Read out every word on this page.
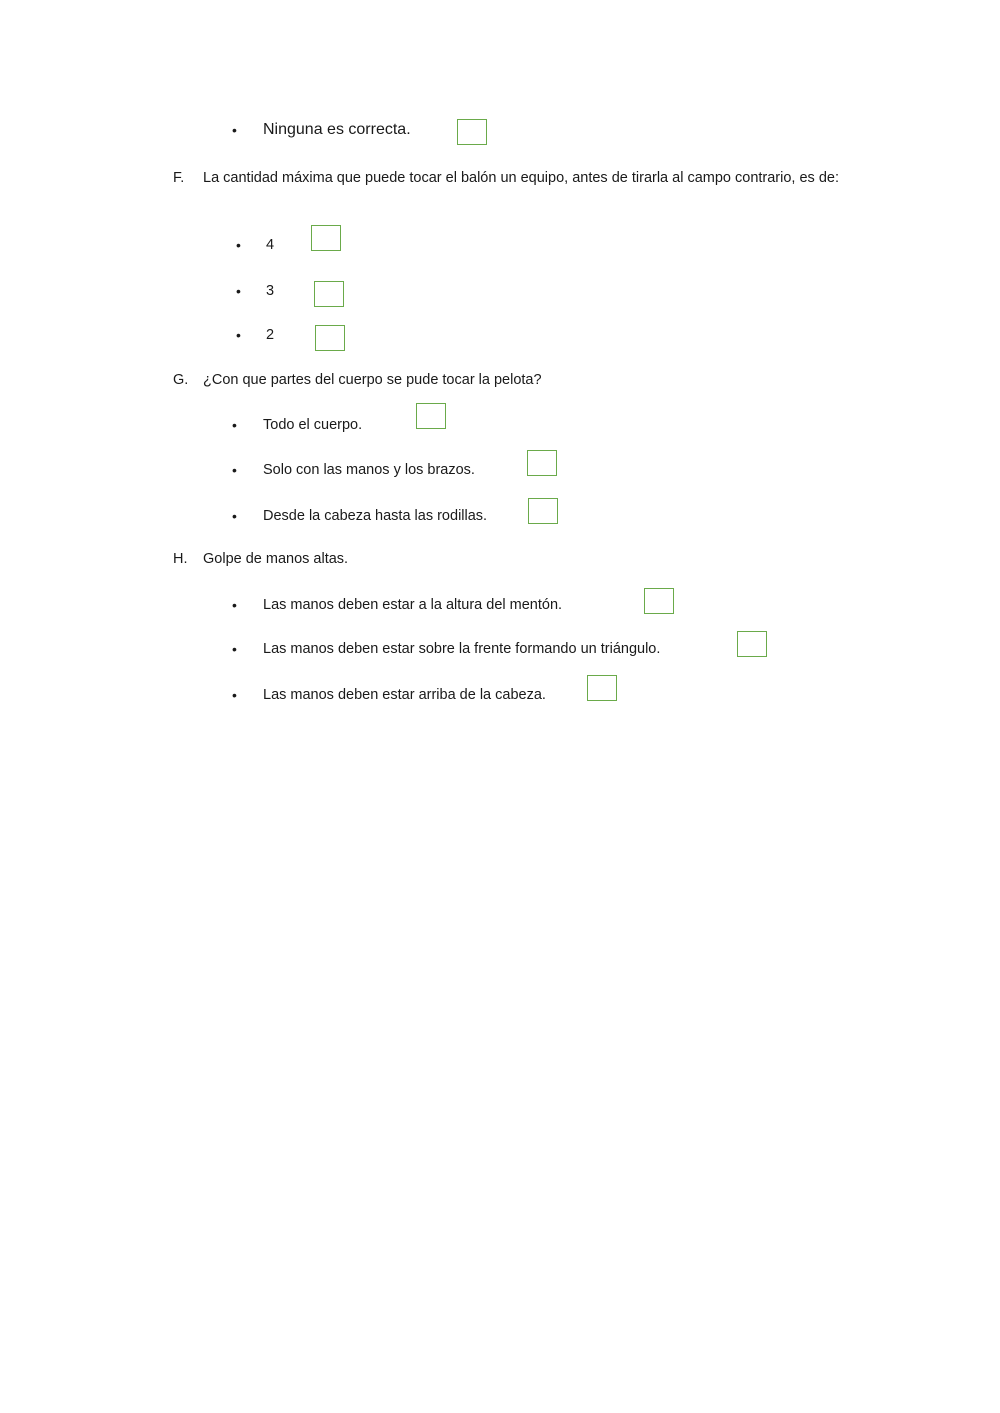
• Ninguna es correcta.
F. La cantidad máxima que puede tocar el balón un equipo, antes de tirarla al campo contrario, es de:
• 4
• 3
• 2
G. ¿Con que partes del cuerpo se pude tocar la pelota?
• Todo el cuerpo.
• Solo con las manos y los brazos.
• Desde la cabeza hasta las rodillas.
H. Golpe de manos altas.
• Las manos deben estar a la altura del mentón.
• Las manos deben estar sobre la frente formando un triángulo.
• Las manos deben estar arriba de la cabeza.
